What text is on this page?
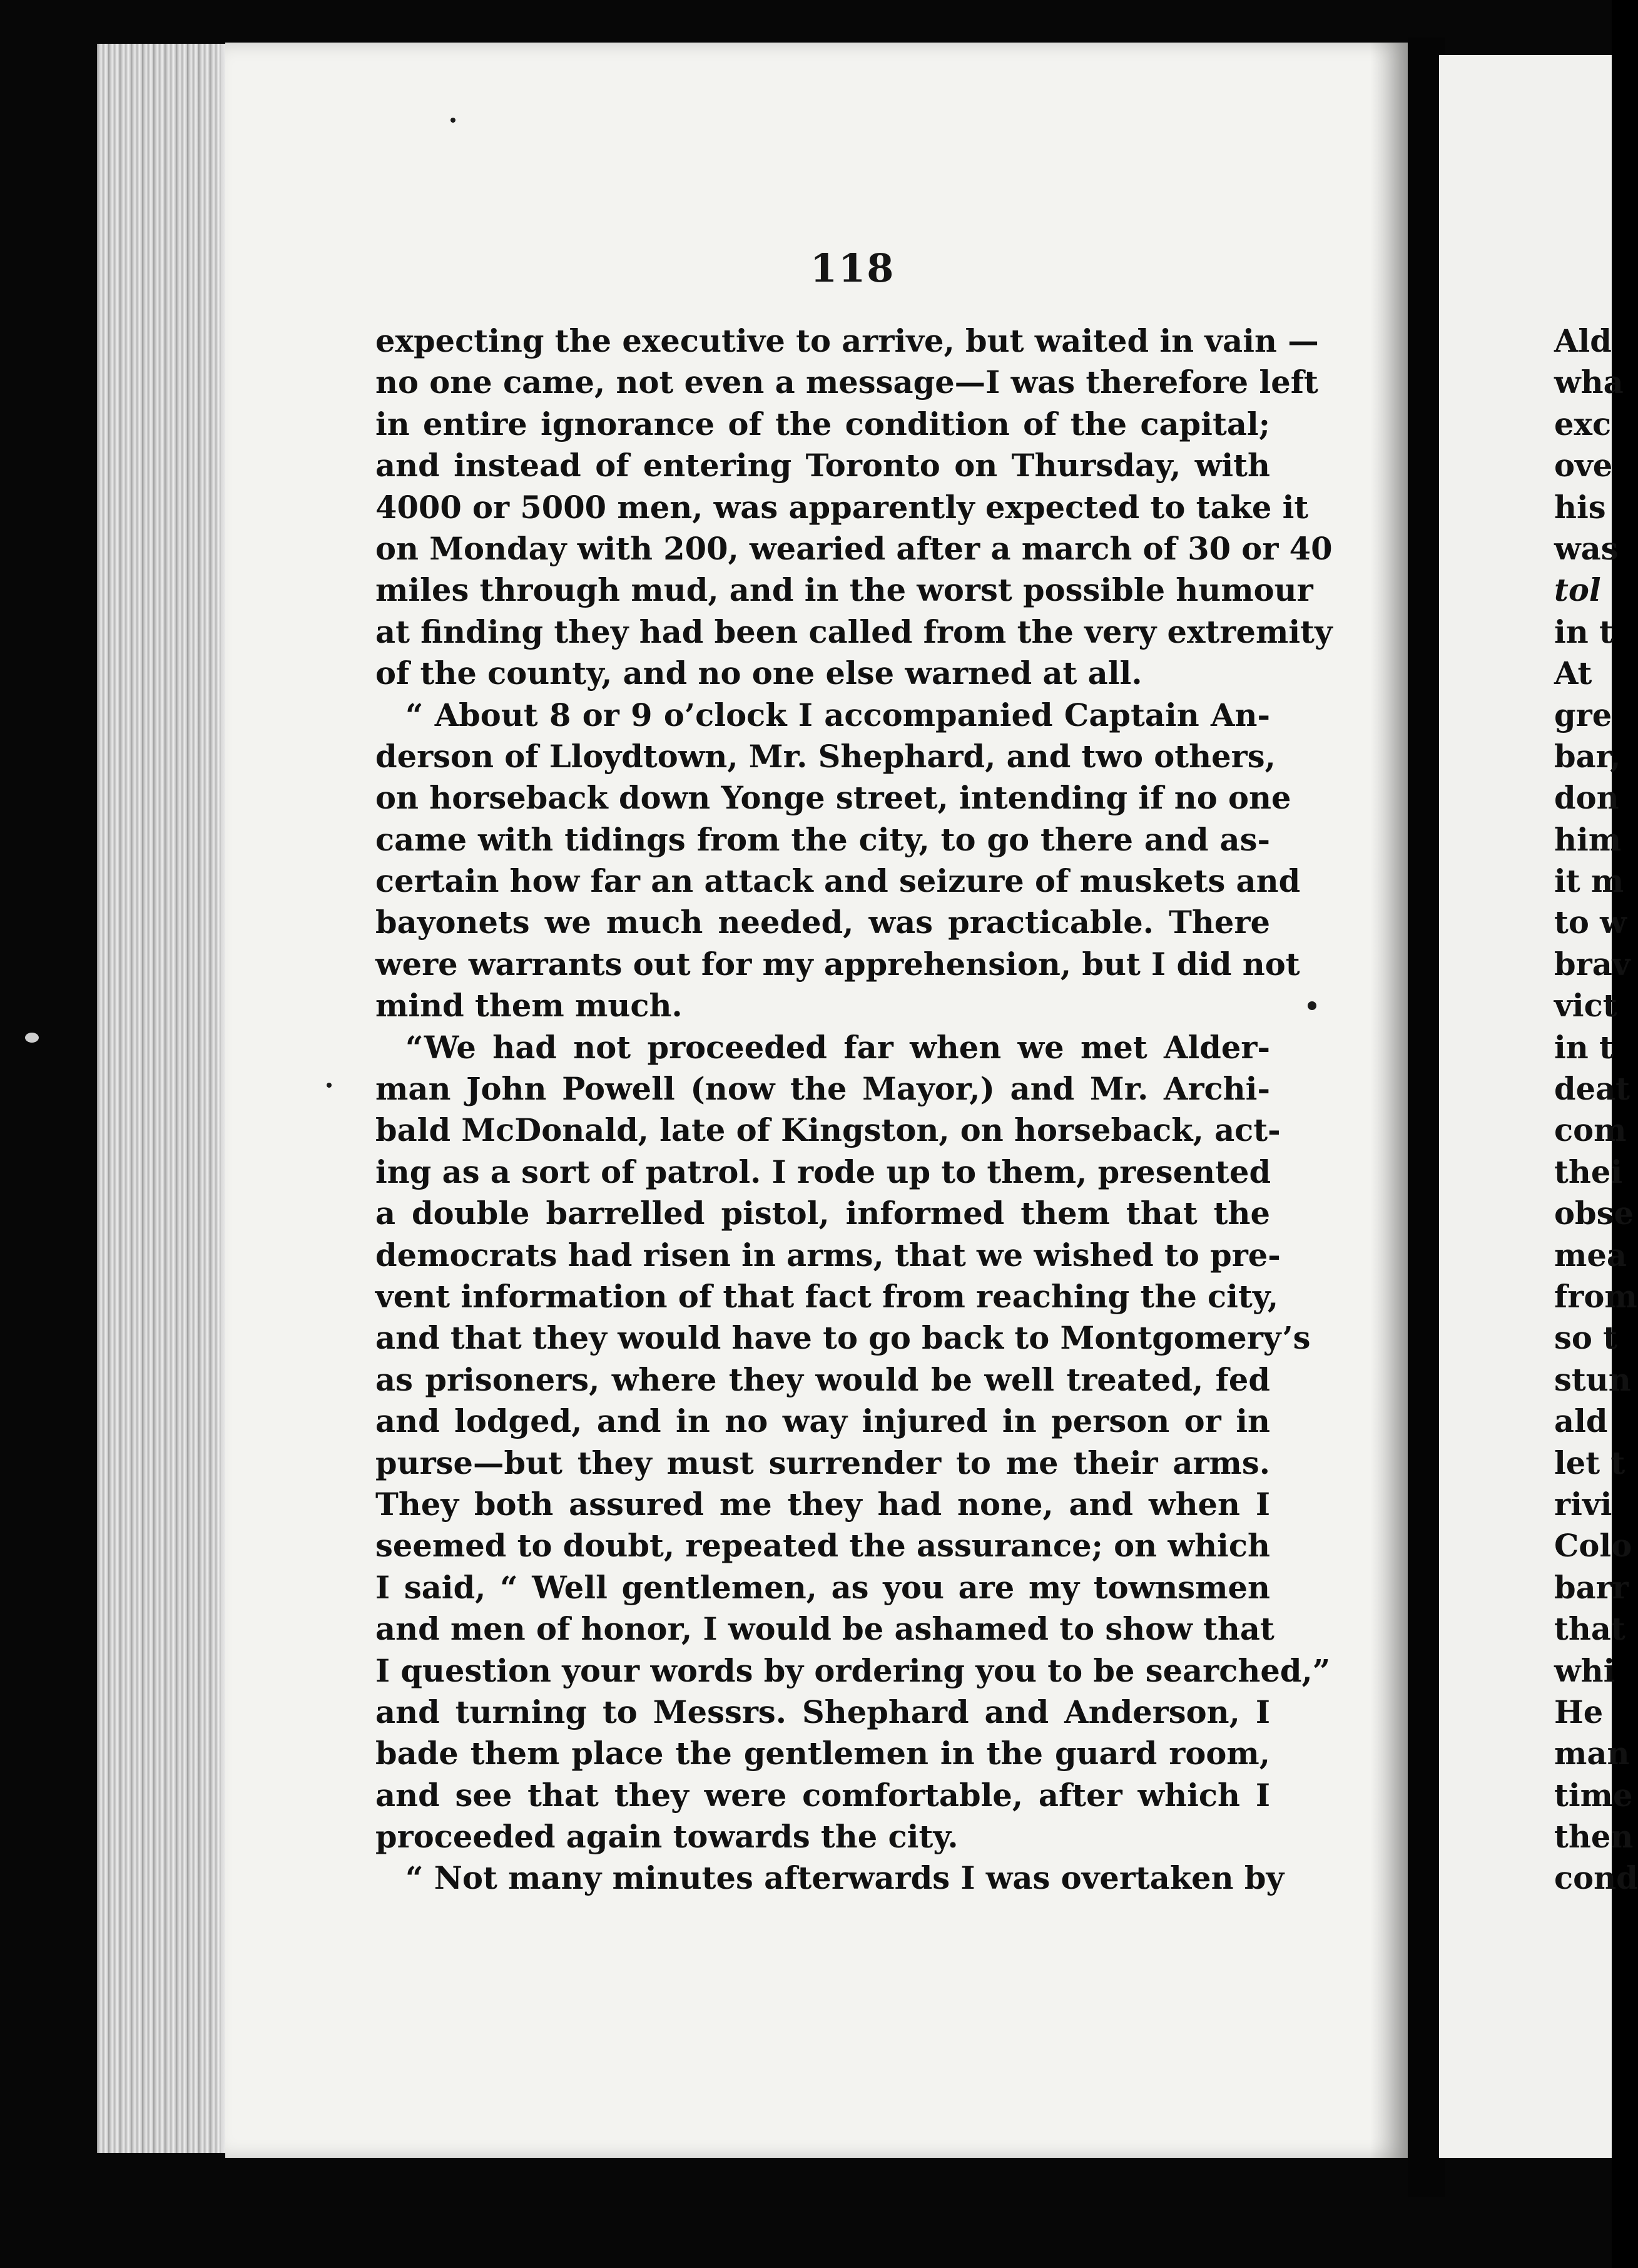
118
expecting the executive to arrive, but waited in vain —
no one came, not even a message—I was therefore left
in entire ignorance of the condition of the capital;
and instead of entering Toronto on Thursday, with
4000 or 5000 men, was apparently expected to take it
on Monday with 200, wearied after a march of 30 or 40
miles through mud, and in the worst possible humour
at finding they had been called from the very extremity
of the county, and no one else warned at all.
“ About 8 or 9 o’clock I accompanied Captain An-
derson of Lloydtown, Mr. Shephard, and two others,
on horseback down Yonge street, intending if no one
came with tidings from the city, to go there and as-
certain how far an attack and seizure of muskets and
bayonets we much needed, was practicable. There
were warrants out for my apprehension, but I did not
mind them much.
“We had not proceeded far when we met Alder-
man John Powell (now the Mayor,) and Mr. Archi-
bald McDonald, late of Kingston, on horseback, act-
ing as a sort of patrol. I rode up to them, presented
a double barrelled pistol, informed them that the
democrats had risen in arms, that we wished to pre-
vent information of that fact from reaching the city,
and that they would have to go back to Montgomery’s
as prisoners, where they would be well treated, fed
and lodged, and in no way injured in person or in
purse—but they must surrender to me their arms.
They both assured me they had none, and when I
seemed to doubt, repeated the assurance; on which
I said, “ Well gentlemen, as you are my townsmen
and men of honor, I would be ashamed to show that
I question your words by ordering you to be searched,”
and turning to Messrs. Shephard and Anderson, I
bade them place the gentlemen in the guard room,
and see that they were comfortable, after which I
proceeded again towards the city.
“ Not many minutes afterwards I was overtaken by
Ald
wha
exc
ove
his
was
tol
in t
At
gre
bar,
don
him
it m
to w
brav
vict
in t
deat
com
thei
obse
mea
from
so t
stun
ald
let t
rivi
Colo
barr
that
whi
He
man
time
then
cond
